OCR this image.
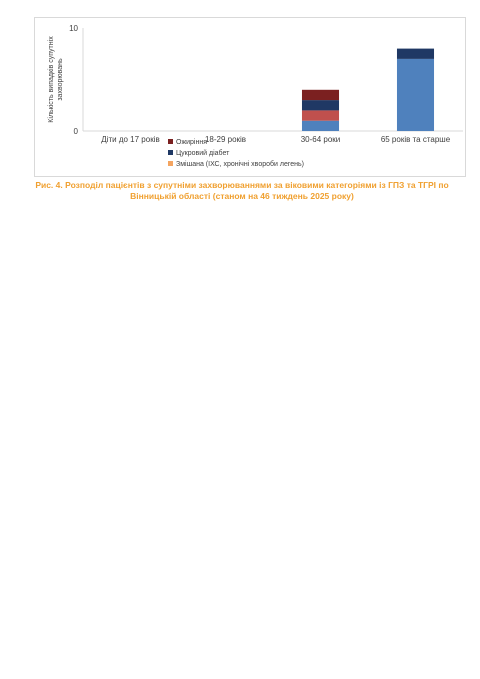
0
10
Кількість випадків супутніх захворювань
Діти до 17 років	18-29 років	30-64 роки	65 років та старше
Ожиріння
Цукровий діабет
Змішана (ІХС, хронічні хвороби легень)
Рис. 4. Розподіл пацієнтів з супутніми захворюваннями за віковими категоріями із ГПЗ та ТГРІ по Вінницькій області (станом на 46 тиждень 2025 року)
